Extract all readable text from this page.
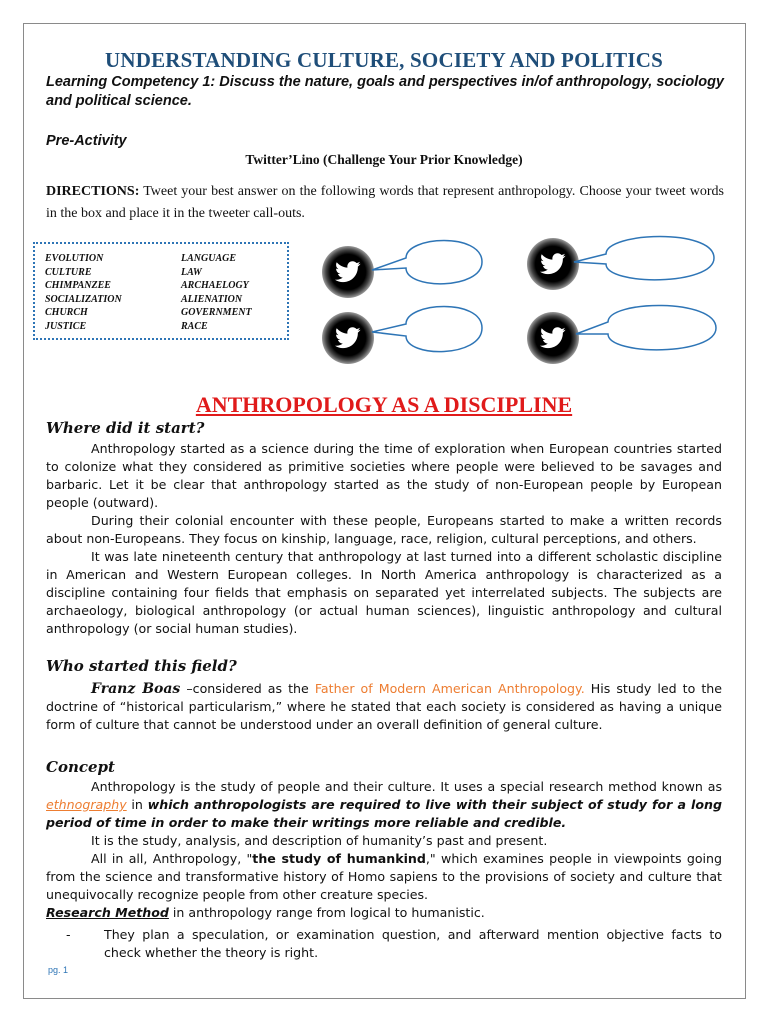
UNDERSTANDING CULTURE, SOCIETY AND POLITICS
Learning Competency 1: Discuss the nature, goals and perspectives in/of anthropology, sociology and political science.
Pre-Activity
Twitter’Lino (Challenge Your Prior Knowledge)
DIRECTIONS: Tweet your best answer on the following words that represent anthropology. Choose your tweet words in the box and place it in the tweeter call-outs.
EVOLUTION	LANGUAGE
CULTURE	LAW
CHIMPANZEE	ARCHAELOGY
SOCIALIZATION	ALIENATION
CHURCH	GOVERNMENT
JUSTICE	RACE
ANTHROPOLOGY AS A DISCIPLINE
Where did it start?

Anthropology started as a science during the time of exploration when European countries started to colonize what they considered as primitive societies where people were believed to be savages and barbaric. Let it be clear that anthropology started as the study of non-European people by European people (outward).

During their colonial encounter with these people, Europeans started to make a written records about non-Europeans. They focus on kinship, language, race, religion, cultural perceptions, and others.

It was late nineteenth century that anthropology at last turned into a different scholastic discipline in American and Western European colleges. In North America anthropology is characterized as a discipline containing four fields that emphasis on separated yet interrelated subjects. The subjects are archaeology, biological anthropology (or actual human sciences), linguistic anthropology and cultural anthropology (or social human studies).

Who started this field?

Franz Boas –considered as the Father of Modern American Anthropology. His study led to the doctrine of “historical particularism,” where he stated that each society is considered as having a unique form of culture that cannot be understood under an overall definition of general culture.

Concept

Anthropology is the study of people and their culture. It uses a special research method known as ethnography in which anthropologists are required to live with their subject of study for a long period of time in order to make their writings more reliable and credible.

It is the study, analysis, and description of humanity’s past and present.

All in all, Anthropology, "the study of humankind," which examines people in viewpoints going from the science and transformative history of Homo sapiens to the provisions of society and culture that unequivocally recognize people from other creature species.

Research Method in anthropology range from logical to humanistic.

-	They plan a speculation, or examination question, and afterward mention objective facts to check whether the theory is right.
pg. 1
